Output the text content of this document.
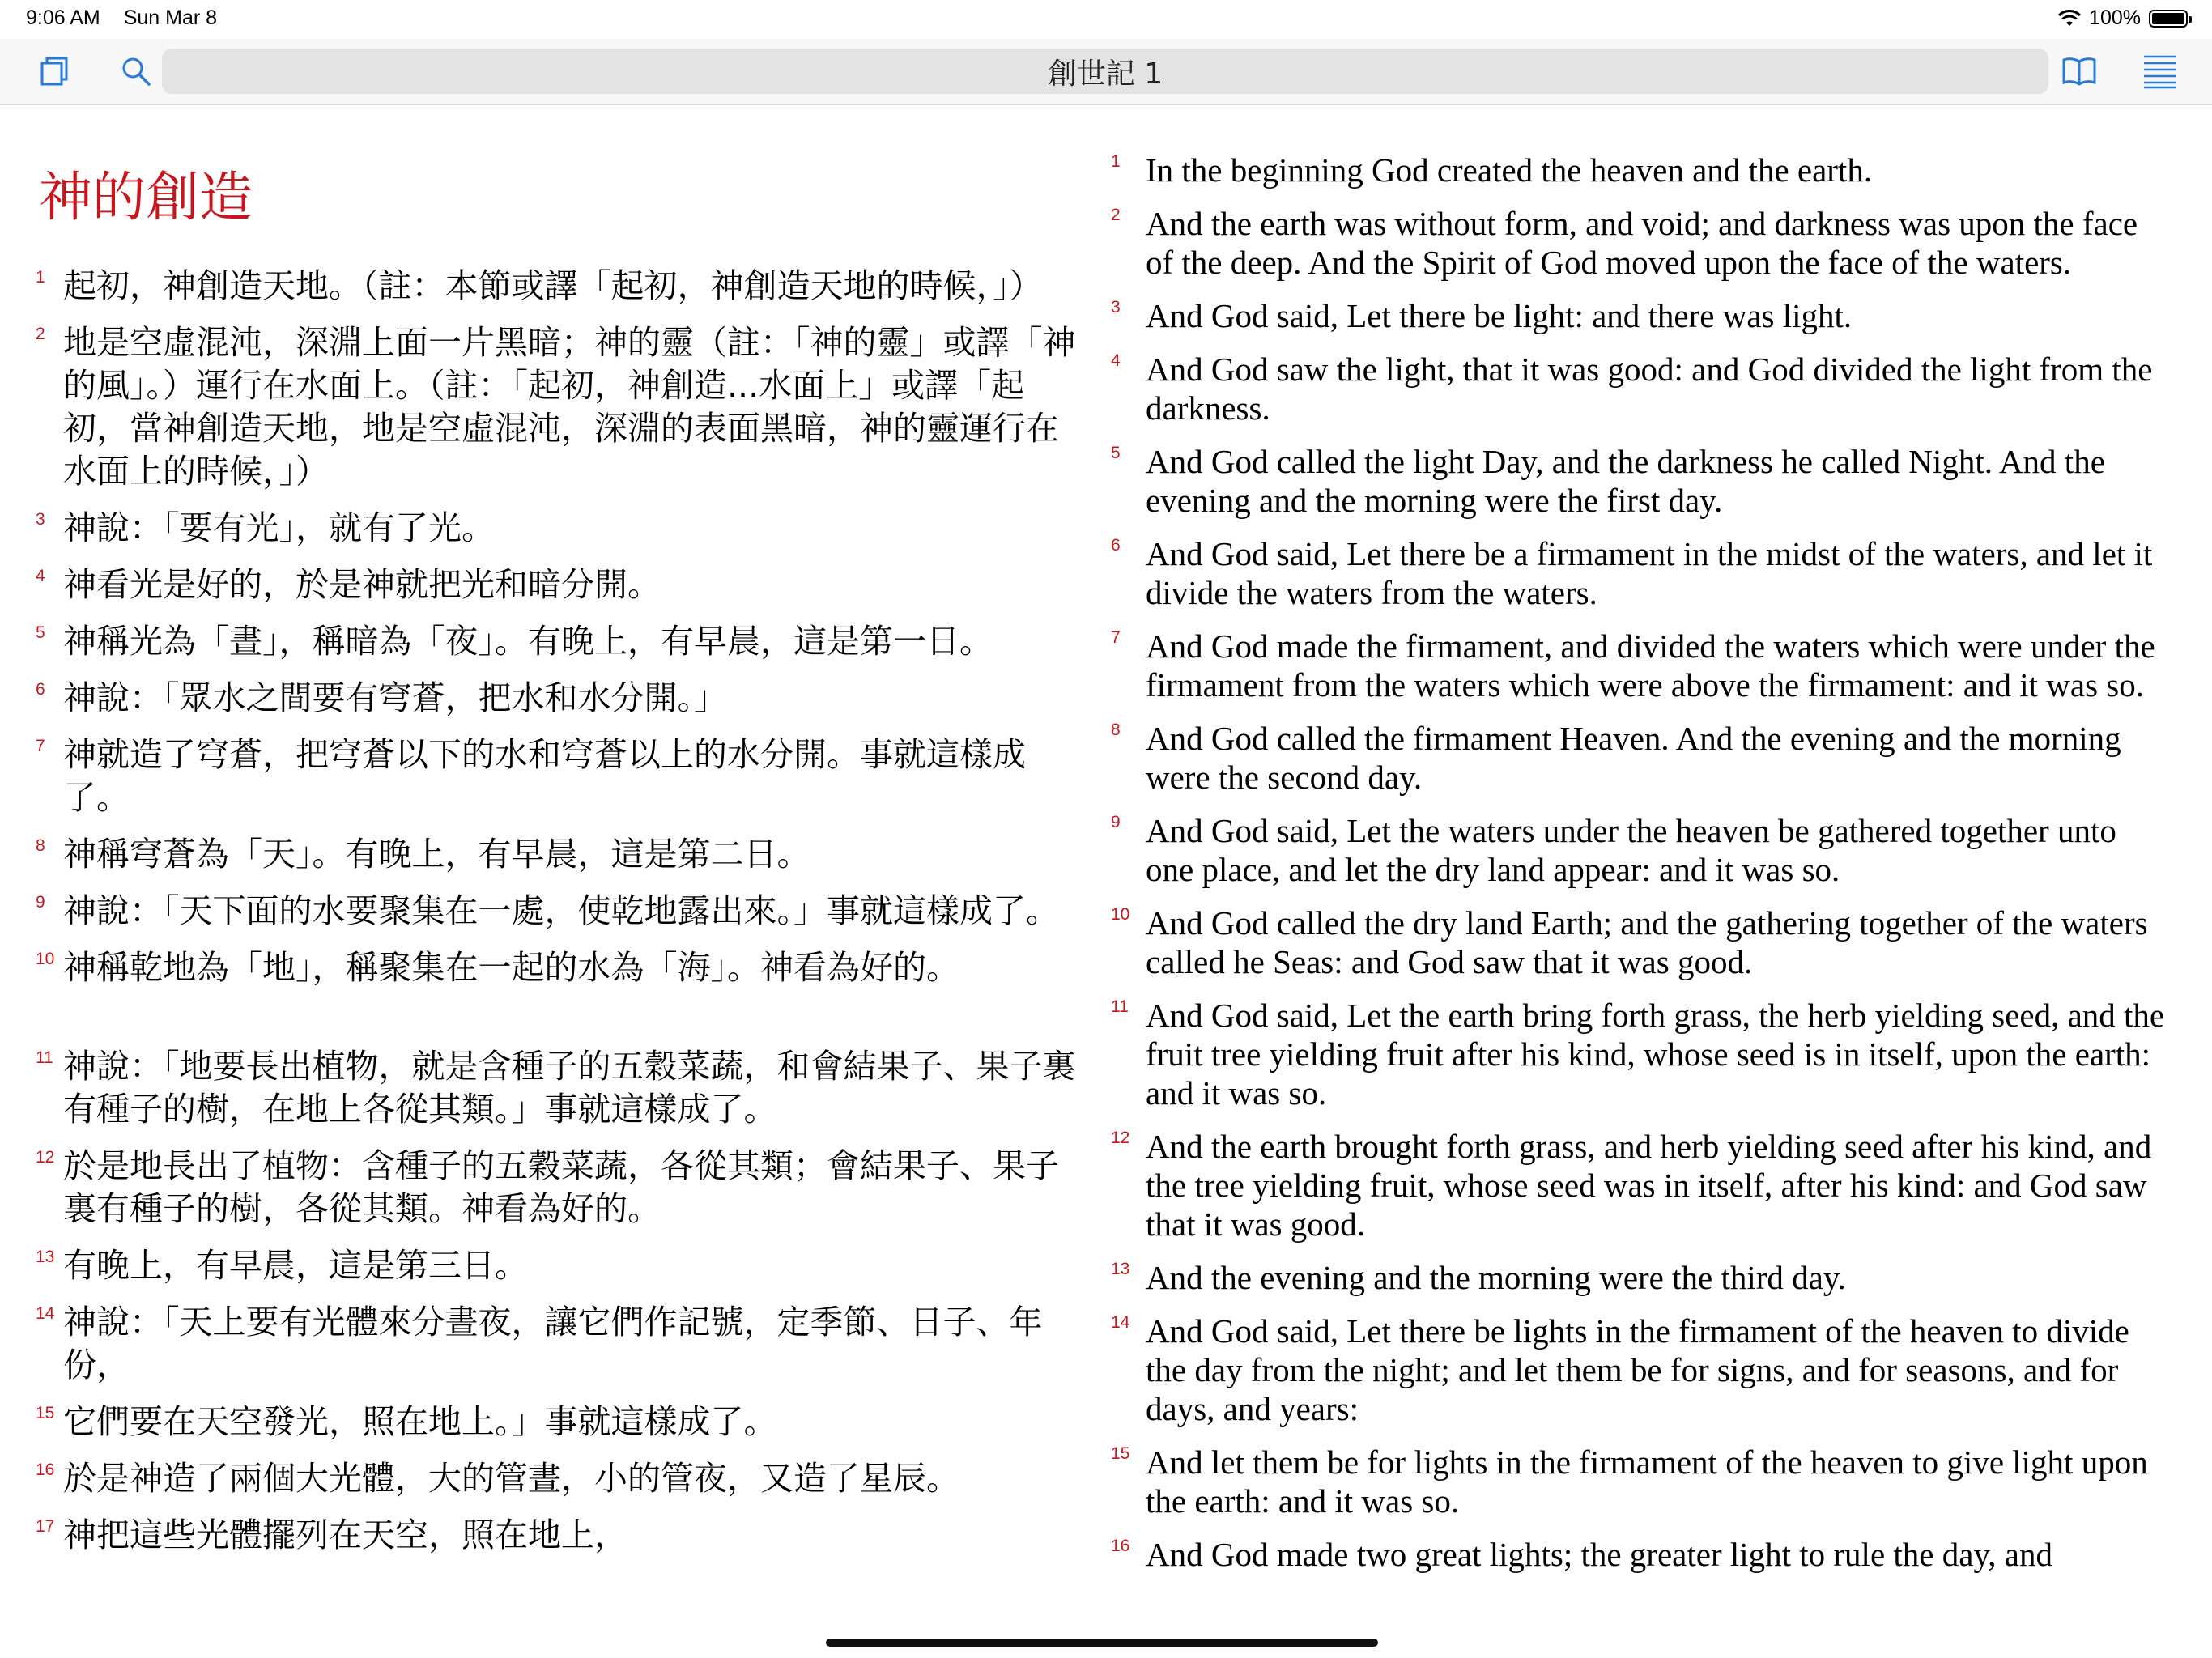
9:06 AM Sun Mar 8	100%
創世記 1
神的創造
1 起初，神創造天地。（註：本節或譯「起初，神創造天地的時候，」）
2 地是空虛混沌，深淵上面一片黑暗；神的靈（註：「神的靈」或譯「神的風」。）運行在水面上。（註：「起初，神創造...水面上」或譯「起初，當神創造天地，地是空虛混沌，深淵的表面黑暗，神的靈運行在水面上的時候，」）
3 神說：「要有光」，就有了光。
4 神看光是好的，於是神就把光和暗分開。
5 神稱光為「晝」，稱暗為「夜」。有晚上，有早晨，這是第一日。
6 神說：「眾水之間要有穹蒼，把水和水分開。」
7 神就造了穹蒼，把穹蒼以下的水和穹蒼以上的水分開。事就這樣成了。
8 神稱穹蒼為「天」。有晚上，有早晨，這是第二日。
9 神說：「天下面的水要聚集在一處，使乾地露出來。」事就這樣成了。
10 神稱乾地為「地」，稱聚集在一起的水為「海」。神看為好的。
11 神說：「地要長出植物，就是含種子的五穀菜蔬，和會結果子、果子裏有種子的樹，在地上各從其類。」事就這樣成了。
12 於是地長出了植物：含種子的五穀菜蔬，各從其類；會結果子、果子裏有種子的樹，各從其類。神看為好的。
13 有晚上，有早晨，這是第三日。
14 神說：「天上要有光體來分晝夜，讓它們作記號，定季節、日子、年份，
15 它們要在天空發光，照在地上。」事就這樣成了。
16 於是神造了兩個大光體，大的管晝，小的管夜，又造了星辰。
17 神把這些光體擺列在天空，照在地上，
1 In the beginning God created the heaven and the earth.
2 And the earth was without form, and void; and darkness was upon the face of the deep. And the Spirit of God moved upon the face of the waters.
3 And God said, Let there be light: and there was light.
4 And God saw the light, that it was good: and God divided the light from the darkness.
5 And God called the light Day, and the darkness he called Night. And the evening and the morning were the first day.
6 And God said, Let there be a firmament in the midst of the waters, and let it divide the waters from the waters.
7 And God made the firmament, and divided the waters which were under the firmament from the waters which were above the firmament: and it was so.
8 And God called the firmament Heaven. And the evening and the morning were the second day.
9 And God said, Let the waters under the heaven be gathered together unto one place, and let the dry land appear: and it was so.
10 And God called the dry land Earth; and the gathering together of the waters called he Seas: and God saw that it was good.
11 And God said, Let the earth bring forth grass, the herb yielding seed, and the fruit tree yielding fruit after his kind, whose seed is in itself, upon the earth: and it was so.
12 And the earth brought forth grass, and herb yielding seed after his kind, and the tree yielding fruit, whose seed was in itself, after his kind: and God saw that it was good.
13 And the evening and the morning were the third day.
14 And God said, Let there be lights in the firmament of the heaven to divide the day from the night; and let them be for signs, and for seasons, and for days, and years:
15 And let them be for lights in the firmament of the heaven to give light upon the earth: and it was so.
16 And God made two great lights; the greater light to rule the day, and
